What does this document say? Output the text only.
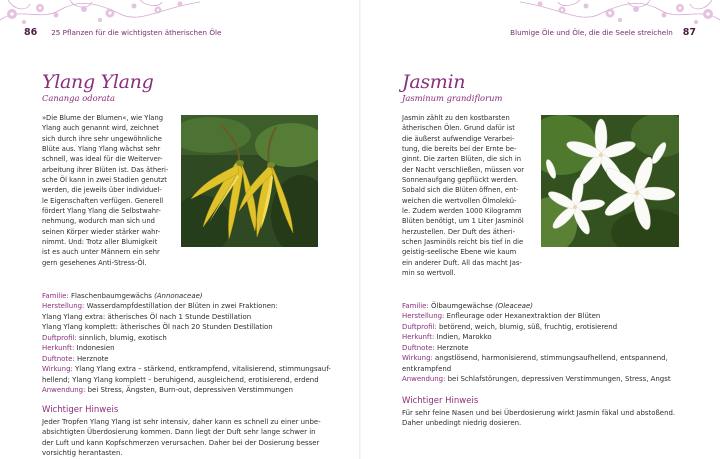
86 25 Pflanzen für die wichtigsten ätherischen Öle
Ylang Ylang
Cananga odorata
»Die Blume der Blumen«, wie Ylang
Ylang auch genannt wird, zeichnet
sich durch ihre sehr ungewöhnliche
Blüte aus. Ylang Ylang wächst sehr
schnell, was ideal für die Weiterver-
arbeitung ihrer Blüten ist. Das ätheri-
sche Öl kann in zwei Stadien genutzt
werden, die jeweils über individuel-
le Eigenschaften verfügen. Generell
fördert Ylang Ylang die Selbstwahr-
nehmung, wodurch man sich und
seinen Körper wieder stärker wahr-
nimmt. Und: Trotz aller Blumigkeit
ist es auch unter Männern ein sehr
gern gesehenes Anti-Stress-Öl.
Familie: Flaschenbaumgewächs (Annonaceae)
Herstellung: Wasserdampfdestillation der Blüten in zwei Fraktionen:
Ylang Ylang extra: ätherisches Öl nach 1 Stunde Destillation
Ylang Ylang komplett: ätherisches Öl nach 20 Stunden Destillation
Duftprofil: sinnlich, blumig, exotisch
Herkunft: Indonesien
Duftnote: Herznote
Wirkung: Ylang Ylang extra – stärkend, entkrampfend, vitalisierend, stimmungsauf-
hellend; Ylang Ylang komplett – beruhigend, ausgleichend, erotisierend, erdend
Anwendung: bei Stress, Ängsten, Burn-out, depressiven Verstimmungen
Wichtiger Hinweis
Jeder Tropfen Ylang Ylang ist sehr intensiv, daher kann es schnell zu einer unbe-
absichtigten Überdosierung kommen. Dann liegt der Duft sehr lange schwer in
der Luft und kann Kopfschmerzen verursachen. Daher bei der Dosierung besser
vorsichtig herantasten.
Blumige Öle und Öle, die die Seele streicheln 87
Jasmin
Jasminum grandiflorum
Jasmin zählt zu den kostbarsten
ätherischen Ölen. Grund dafür ist
die äußerst aufwendige Verarbei-
tung, die bereits bei der Ernte be-
ginnt. Die zarten Blüten, die sich in
der Nacht verschließen, müssen vor
Sonnenaufgang gepflückt werden.
Sobald sich die Blüten öffnen, ent-
weichen die wertvollen Ölmolekü-
le. Zudem werden 1000 Kilogramm
Blüten benötigt, um 1 Liter Jasminöl
herzustellen. Der Duft des ätheri-
schen Jasminöls reicht bis tief in die
geistig-seelische Ebene wie kaum
ein anderer Duft. All das macht Jas-
min so wertvoll.
Familie: Ölbaumgewächse (Oleaceae)
Herstellung: Enfleurage oder Hexanextraktion der Blüten
Duftprofil: betörend, weich, blumig, süß, fruchtig, erotisierend
Herkunft: Indien, Marokko
Duftnote: Herznote
Wirkung: angstlösend, harmonisierend, stimmungsaufhellend, entspannend,
entkrampfend
Anwendung: bei Schlafstörungen, depressiven Verstimmungen, Stress, Angst
Wichtiger Hinweis
Für sehr feine Nasen und bei Überdosierung wirkt Jasmin fäkal und abstoßend.
Daher unbedingt niedrig dosieren.
